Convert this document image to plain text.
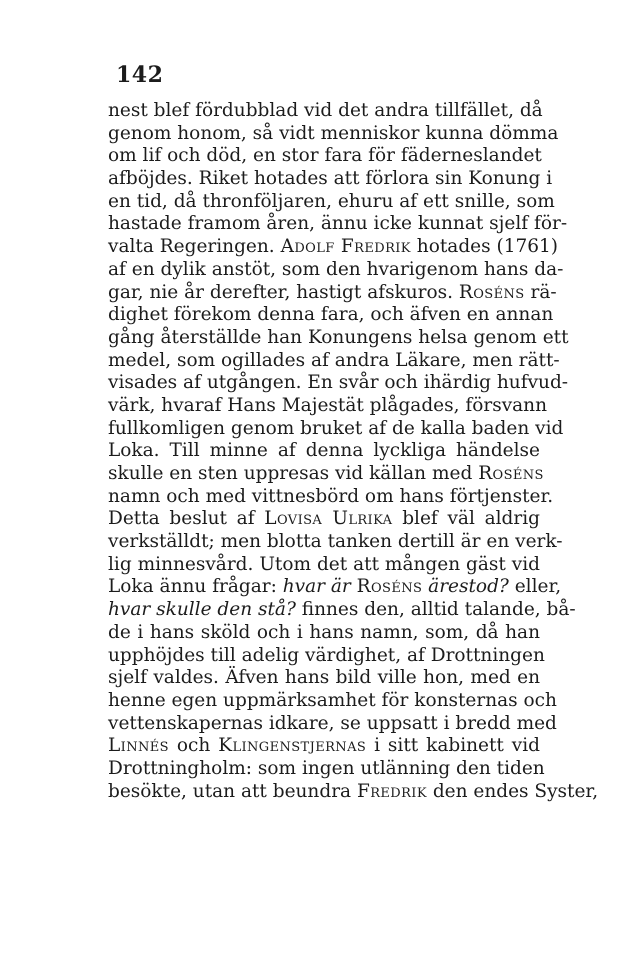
142
nest blef fördubblad vid det andra tillfället, då
genom honom, så vidt menniskor kunna dömma
om lif och död, en stor fara för fäderneslandet
afböjdes. Riket hotades att förlora sin Konung i
en tid, då thronföljaren, ehuru af ett snille, som
hastade framom åren, ännu icke kunnat sjelf för-
valta Regeringen. Adolf Fredrik hotades (1761)
af en dylik anstöt, som den hvarigenom hans da-
gar, nie år derefter, hastigt afskuros. Roséns rä-
dighet förekom denna fara, och äfven en annan
gång återställde han Konungens helsa genom ett
medel, som ogillades af andra Läkare, men rätt-
visades af utgången. En svår och ihärdig hufvud-
värk, hvaraf Hans Majestät plågades, försvann
fullkomligen genom bruket af de kalla baden vid
Loka. Till minne af denna lyckliga händelse
skulle en sten uppresas vid källan med Roséns
namn och med vittnesbörd om hans förtjenster.
Detta beslut af Lovisa Ulrika blef väl aldrig
verkställdt; men blotta tanken dertill är en verk-
lig minnesvård. Utom det att mången gäst vid
Loka ännu frågar: hvar är Roséns ärestod? eller,
hvar skulle den stå? finnes den, alltid talande, bå-
de i hans sköld och i hans namn, som, då han
upphöjdes till adelig värdighet, af Drottningen
sjelf valdes. Äfven hans bild ville hon, med en
henne egen uppmärksamhet för konsternas och
vettenskapernas idkare, se uppsatt i bredd med
Linnés och Klingenstjernas i sitt kabinett vid
Drottningholm: som ingen utlänning den tiden
besökte, utan att beundra Fredrik den endes Syster,
